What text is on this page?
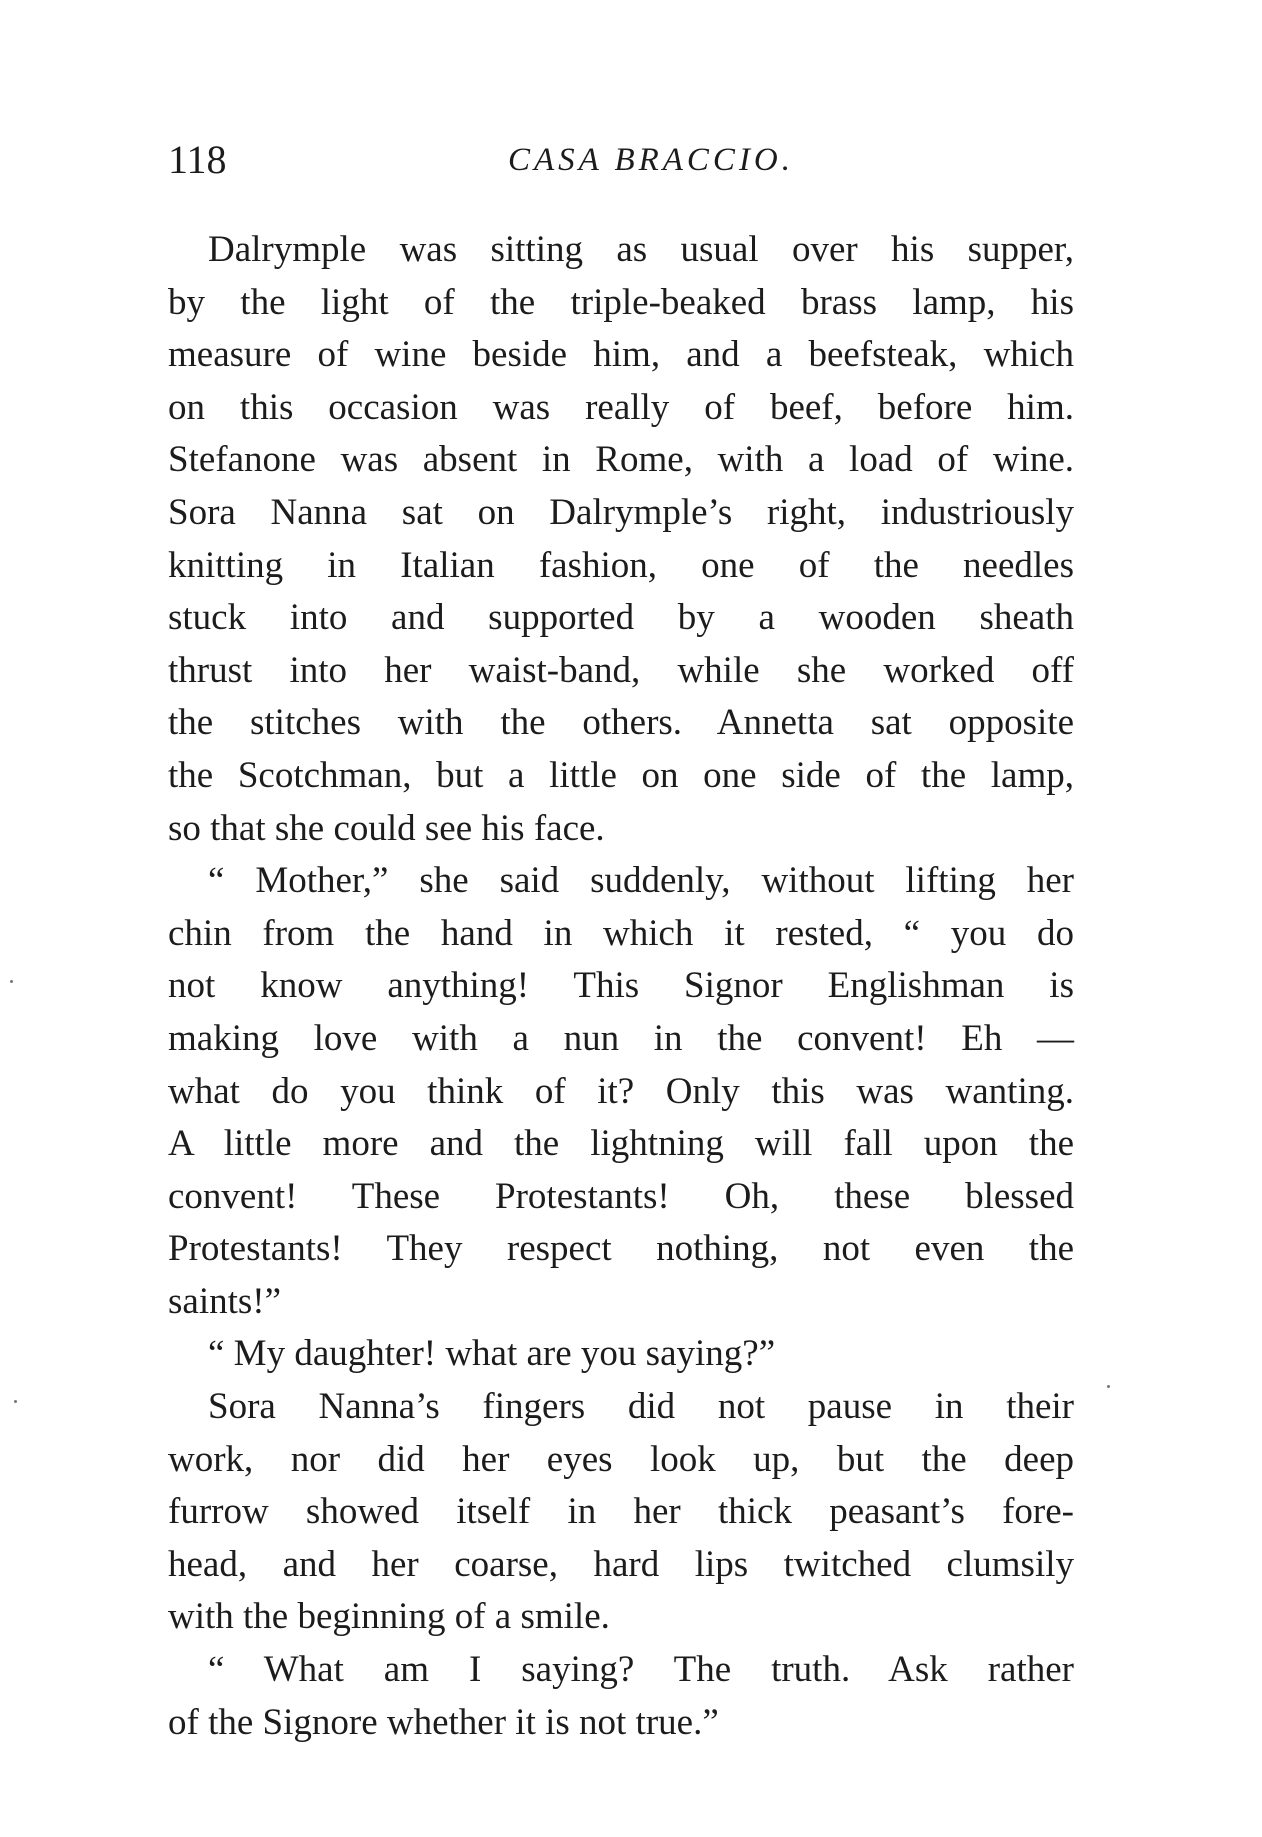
118	CASA BRACCIO.
Dalrymple was sitting as usual over his supper,
by the light of the triple-beaked brass lamp, his
measure of wine beside him, and a beefsteak, which
on this occasion was really of beef, before him.
Stefanone was absent in Rome, with a load of wine.
Sora Nanna sat on Dalrymple’s right, industriously
knitting in Italian fashion, one of the needles
stuck into and supported by a wooden sheath
thrust into her waist-band, while she worked off
the stitches with the others. Annetta sat opposite
the Scotchman, but a little on one side of the lamp,
so that she could see his face.
“ Mother,” she said suddenly, without lifting her
chin from the hand in which it rested, “ you do
not know anything! This Signor Englishman is
making love with a nun in the convent! Eh —
what do you think of it? Only this was wanting.
A little more and the lightning will fall upon the
convent! These Protestants! Oh, these blessed
Protestants! They respect nothing, not even the
saints!”
“ My daughter! what are you saying?”
Sora Nanna’s fingers did not pause in their
work, nor did her eyes look up, but the deep
furrow showed itself in her thick peasant’s fore-
head, and her coarse, hard lips twitched clumsily
with the beginning of a smile.
“ What am I saying? The truth. Ask rather
of the Signore whether it is not true.”
